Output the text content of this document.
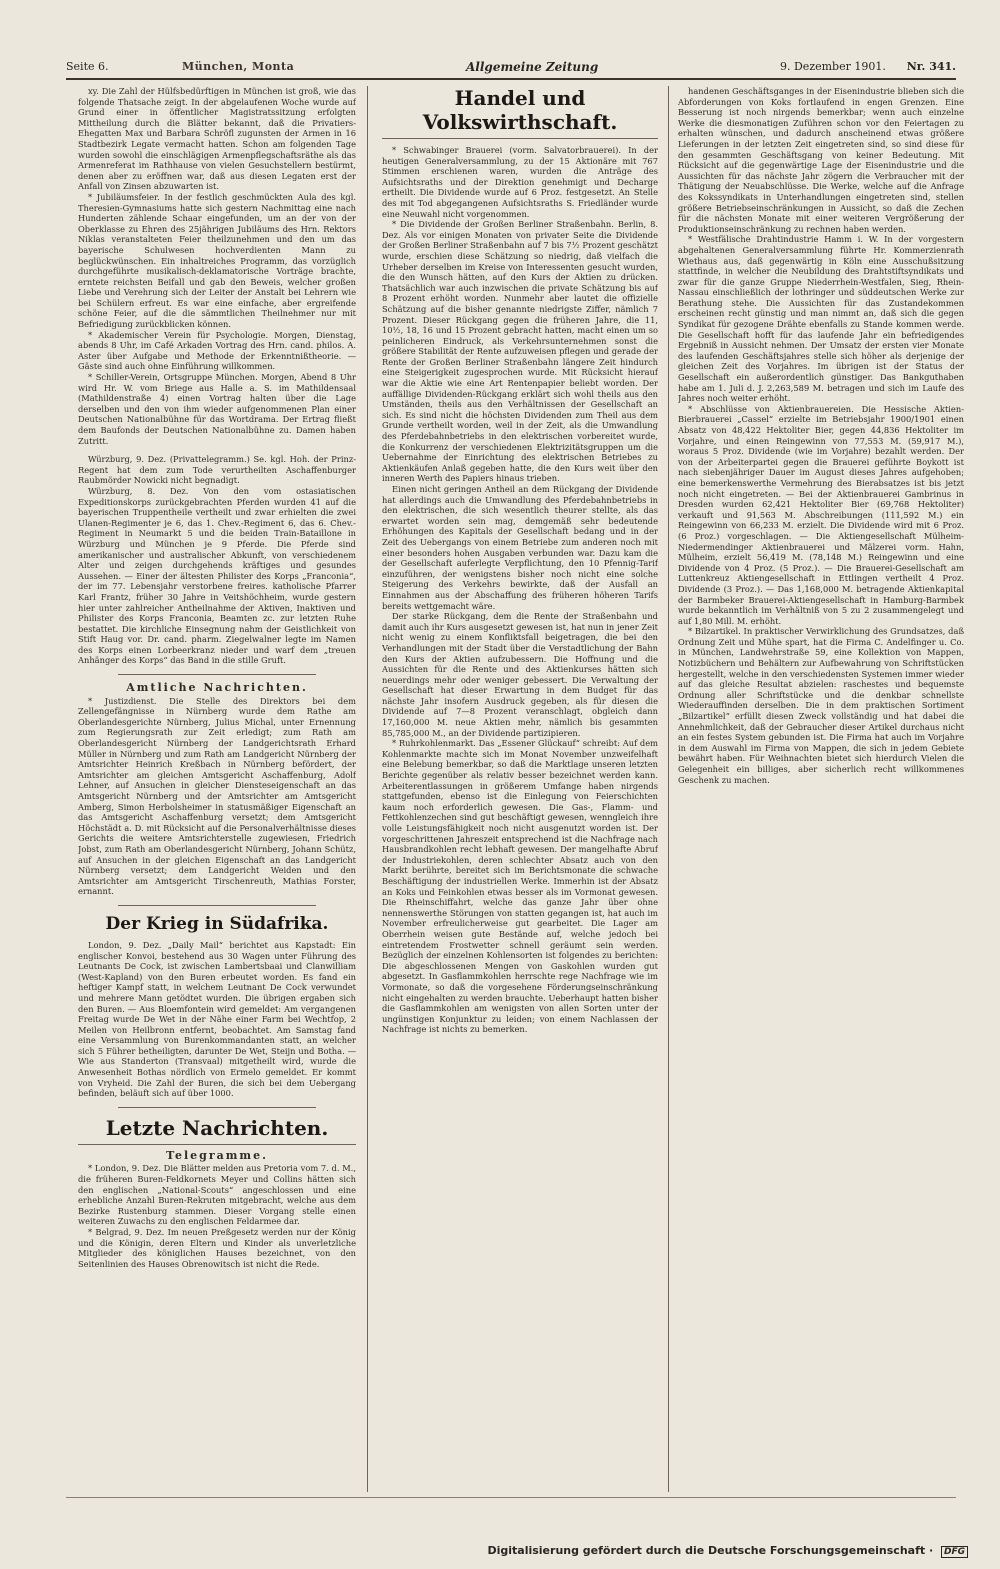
Seite 6.	München, Monta	Allgemeine Zeitung	9. Dezember 1901. Nr. 341.

xy. Die Zahl der Hülfsbedürftigen in München ist groß, wie das folgende Thatsache zeigt. In der abgelaufenen Woche wurde auf Grund einer in öffentlicher Magistratssitzung erfolgten Mittheilung durch die Blätter bekannt, daß die Privatiers-Ehegatten Max und Barbara Schröfl zugunsten der Armen in 16 Stadtbezirk Legate vermacht hatten. Schon am folgenden Tage wurden sowohl die einschlägigen Armenpflegschaftsräthe als das Armenreferat im Rathhause von vielen Gesuchstellern bestürmt, denen aber zu eröffnen war, daß aus diesen Legaten erst der Anfall von Zinsen abzuwarten ist.

* Jubiläumsfeier. In der festlich geschmückten Aula des kgl. Theresien-Gymnasiums hatte sich gestern Nachmittag eine nach Hunderten zählende Schaar eingefunden, um an der von der Oberklasse zu Ehren des 25jährigen Jubiläums des Hrn. Rektors Niklas veranstalteten Feier theilzunehmen und den um das bayerische Schulwesen hochverdienten Mann zu beglückwünschen. Ein inhaltreiches Programm, das vorzüglich durchgeführte musikalisch-deklamatorische Vorträge brachte, erntete reichsten Beifall und gab den Beweis, welcher großen Liebe und Verehrung sich der Leiter der Anstalt bei Lehrern wie bei Schülern erfreut. Es war eine einfache, aber ergreifende schöne Feier, auf die die sämmtlichen Theilnehmer nur mit Befriedigung zurückblicken können.

* Akademischer Verein für Psychologie. Morgen, Dienstag, abends 8 Uhr, im Café Arkaden Vortrag des Hrn. cand. philos. A. Aster über Aufgabe und Methode der Erkenntnißtheorie. — Gäste sind auch ohne Einführung willkommen.

* Schiller-Verein, Ortsgruppe München. Morgen, Abend 8 Uhr wird Hr. W. vom Briege aus Halle a. S. im Mathildensaal (Mathildenstraße 4) einen Vortrag halten über die Lage derselben und den von ihm wieder aufgenommenen Plan einer Deutschen Nationalbühne für das Wortdrama. Der Ertrag fließt dem Baufonds der Deutschen Nationalbühne zu. Damen haben Zutritt.

Würzburg, 9. Dez. (Privattelegramm.) Se. kgl. Hoh. der Prinz-Regent hat dem zum Tode verurtheilten Aschaffenburger Raubmörder Nowicki nicht begnadigt.

Würzburg, 8. Dez. Von den vom ostasiatischen Expeditionskorps zurückgebrachten Pferden wurden 41 auf die bayerischen Truppentheile vertheilt und zwar erhielten die zwei Ulanen-Regimenter je 6, das 1. Chev.-Regiment 6, das 6. Chev.-Regiment in Neumarkt 5 und die beiden Train-Bataillone in Würzburg und München je 9 Pferde. Die Pferde sind amerikanischer und australischer Abkunft, von verschiedenem Alter und zeigen durchgehends kräftiges und gesundes Aussehen. — Einer der ältesten Philister des Korps „Franconia“, der im 77. Lebensjahr verstorbene freires. katholische Pfarrer Karl Frantz, früher 30 Jahre in Veitshöchheim, wurde gestern hier unter zahlreicher Antheilnahme der Aktiven, Inaktiven und Philister des Korps Franconia, Beamten zc. zur letzten Ruhe bestattet. Die kirchliche Einsegnung nahm der Geistlichkeit von Stift Haug vor. Dr. cand. pharm. Ziegelwalner legte im Namen des Korps einen Lorbeerkranz nieder und warf dem „treuen Anhänger des Korps“ das Band in die stille Gruft.

Amtliche Nachrichten.

* Justizdienst. Die Stelle des Direktors bei dem Zellengefängnisse in Nürnberg wurde dem Rathe am Oberlandesgerichte Nürnberg, Julius Michal, unter Ernennung zum Regierungsrath zur Zeit erledigt; zum Rath am Oberlandesgericht Nürnberg der Landgerichtsrath Erhard Müller in Nürnberg und zum Rath am Landgericht Nürnberg der Amtsrichter Heinrich Kreßbach in Nürnberg befördert, der Amtsrichter am gleichen Amtsgericht Aschaffenburg, Adolf Lehner, auf Ansuchen in gleicher Diensteseigenschaft an das Amtsgericht Nürnberg und der Amtsrichter am Amtsgericht Amberg, Simon Herbolsheimer in statusmäßiger Eigenschaft an das Amtsgericht Aschaffenburg versetzt; dem Amtsgericht Höchstädt a. D. mit Rücksicht auf die Personalverhältnisse dieses Gerichts die weitere Amtsrichterstelle zugewiesen, Friedrich Jobst, zum Rath am Oberlandesgericht Nürnberg, Johann Schütz, auf Ansuchen in der gleichen Eigenschaft an das Landgericht Nürnberg versetzt; dem Landgericht Weiden und den Amtsrichter am Amtsgericht Tirschenreuth, Mathias Forster, ernannt.

Der Krieg in Südafrika.

London, 9. Dez. „Daily Mail“ berichtet aus Kapstadt: Ein englischer Konvoi, bestehend aus 30 Wagen unter Führung des Leutnants De Cock, ist zwischen Lambertsbaai und Clanwilliam (West-Kapland) von den Buren erbeutet worden. Es fand ein heftiger Kampf statt, in welchem Leutnant De Cock verwundet und mehrere Mann getödtet wurden. Die übrigen ergaben sich den Buren. — Aus Bloemfontein wird gemeldet: Am vergangenen Freitag wurde De Wet in der Nähe einer Farm bei Wechtfop, 2 Meilen von Heilbronn entfernt, beobachtet. Am Samstag fand eine Versammlung von Burenkommandanten statt, an welcher sich 5 Führer betheiligten, darunter De Wet, Steijn und Botha. — Wie aus Standerton (Transvaal) mitgetheilt wird, wurde die Anwesenheit Bothas nördlich von Ermelo gemeldet. Er kommt von Vryheid. Die Zahl der Buren, die sich bei dem Uebergang befinden, beläuft sich auf über 1000.

Letzte Nachrichten.
Telegramme.

* London, 9. Dez. Die Blätter melden aus Pretoria vom 7. d. M., die früheren Buren-Feldkornets Meyer und Collins hätten sich den englischen „National-Scouts“ angeschlossen und eine erhebliche Anzahl Buren-Rekruten mitgebracht, welche aus dem Bezirke Rustenburg stammen. Dieser Vorgang stelle einen weiteren Zuwachs zu den englischen Feldarmee dar.

* Belgrad, 9. Dez. Im neuen Preßgesetz werden nur der König und die Königin, deren Eltern und Kinder als unverletzliche Mitglieder des königlichen Hauses bezeichnet, von den Seitenlinien des Hauses Obrenowitsch ist nicht die Rede.

Handel und Volkswirthschaft.

* Schwabinger Brauerei (vorm. Salvatorbrauerei). In der heutigen Generalversammlung, zu der 15 Aktionäre mit 767 Stimmen erschienen waren, wurden die Anträge des Aufsichtsraths und der Direktion genehmigt und Decharge ertheilt. Die Dividende wurde auf 6 Proz. festgesetzt. An Stelle des mit Tod abgegangenen Aufsichtsraths S. Friedländer wurde eine Neuwahl nicht vorgenommen.

* Die Dividende der Großen Berliner Straßenbahn. Berlin, 8. Dez. Als vor einigen Monaten von privater Seite die Dividende der Großen Berliner Straßenbahn auf 7 bis 7½ Prozent geschätzt wurde, erschien diese Schätzung so niedrig, daß vielfach die Urheber derselben im Kreise von Interessenten gesucht wurden, die den Wunsch hätten, auf den Kurs der Aktien zu drücken. Thatsächlich war auch inzwischen die private Schätzung bis auf 8 Prozent erhöht worden. Nunmehr aber lautet die offizielle Schätzung auf die bisher genannte niedrigste Ziffer, nämlich 7 Prozent. Dieser Rückgang gegen die früheren Jahre, die 11, 10½, 18, 16 und 15 Prozent gebracht hatten, macht einen um so peinlicheren Eindruck, als Verkehrsunternehmen sonst die größere Stabilität der Rente aufzuweisen pflegen und gerade der Rente der Großen Berliner Straßenbahn längere Zeit hindurch eine Steigerigkeit zugesprochen wurde. Mit Rücksicht hierauf war die Aktie wie eine Art Rentenpapier beliebt worden. Der auffällige Dividenden-Rückgang erklärt sich wohl theils aus den Umständen, theils aus den Verhältnissen der Gesellschaft an sich. Es sind nicht die höchsten Dividenden zum Theil aus dem Grunde vertheilt worden, weil in der Zeit, als die Umwandlung des Pferdebahnbetriebs in den elektrischen vorbereitet wurde, die Konkurrenz der verschiedenen Elektrizitätsgruppen um die Uebernahme der Einrichtung des elektrischen Betriebes zu Aktienkäufen Anlaß gegeben hatte, die den Kurs weit über den inneren Werth des Papiers hinaus trieben.

Einen nicht geringen Antheil an dem Rückgang der Dividende hat allerdings auch die Umwandlung des Pferdebahnbetriebs in den elektrischen, die sich wesentlich theurer stellte, als das erwartet worden sein mag, demgemäß sehr bedeutende Erhöhungen des Kapitals der Gesellschaft bedang und in der Zeit des Uebergangs von einem Betriebe zum anderen noch mit einer besonders hohen Ausgaben verbunden war. Dazu kam die der Gesellschaft auferlegte Verpflichtung, den 10 Pfennig-Tarif einzuführen, der wenigstens bisher noch nicht eine solche Steigerung des Verkehrs bewirkte, daß der Ausfall an Einnahmen aus der Abschaffung des früheren höheren Tarifs bereits wettgemacht wäre.

Der starke Rückgang, dem die Rente der Straßenbahn und damit auch ihr Kurs ausgesetzt gewesen ist, hat nun in jener Zeit nicht wenig zu einem Konfliktsfall beigetragen, die bei den Verhandlungen mit der Stadt über die Verstadtlichung der Bahn den Kurs der Aktien aufzubessern. Die Hoffnung und die Aussichten für die Rente und des Aktienkurses hätten sich neuerdings mehr oder weniger gebessert. Die Verwaltung der Gesellschaft hat dieser Erwartung in dem Budget für das nächste Jahr insofern Ausdruck gegeben, als für diesen die Dividende auf 7—8 Prozent veranschlagt, obgleich dann 17,160,000 M. neue Aktien mehr, nämlich bis gesammten 85,785,000 M., an der Dividende partizipieren.

* Ruhrkohlenmarkt. Das „Essener Glückauf“ schreibt: Auf dem Kohlenmarkte machte sich im Monat November unzweifelhaft eine Belebung bemerkbar, so daß die Marktlage unseren letzten Berichte gegenüber als relativ besser bezeichnet werden kann. Arbeiterentlassungen in größerem Umfange haben nirgends stattgefunden, ebenso ist die Einlegung von Feierschichten kaum noch erforderlich gewesen. Die Gas-, Flamm- und Fettkohlenzechen sind gut beschäftigt gewesen, wenngleich ihre volle Leistungsfähigkeit noch nicht ausgenutzt worden ist. Der vorgeschrittenen Jahreszeit entsprechend ist die Nachfrage nach Hausbrandkohlen recht lebhaft gewesen. Der mangelhafte Abruf der Industriekohlen, deren schlechter Absatz auch von den Markt berührte, bereitet sich im Berichtsmonate die schwache Beschäftigung der industriellen Werke. Immerhin ist der Absatz an Koks und Feinkohlen etwas besser als im Vormonat gewesen. Die Rheinschiffahrt, welche das ganze Jahr über ohne nennenswerthe Störungen von statten gegangen ist, hat auch im November erfreulicherweise gut gearbeitet. Die Lager am Oberrhein weisen gute Bestände auf, welche jedoch bei eintretendem Frostwetter schnell geräumt sein werden. Bezüglich der einzelnen Kohlensorten ist folgendes zu berichten: Die abgeschlossenen Mengen von Gaskohlen wurden gut abgesetzt. In Gasflammkohlen herrschte rege Nachfrage wie im Vormonate, so daß die vorgesehene Förderungseinschränkung nicht eingehalten zu werden brauchte. Ueberhaupt hatten bisher die Gasflammkohlen am wenigsten von allen Sorten unter der ungünstigen Konjunktur zu leiden; von einem Nachlassen der Nachfrage ist nichts zu bemerken.

handenen Geschäftsganges in der Eisenindustrie blieben sich die Abforderungen von Koks fortlaufend in engen Grenzen. Eine Besserung ist noch nirgends bemerkbar; wenn auch einzelne Werke die diesmonatigen Zuführen schon vor den Feiertagen zu erhalten wünschen, und dadurch anscheinend etwas größere Lieferungen in der letzten Zeit eingetreten sind, so sind diese für den gesammten Geschäftsgang von keiner Bedeutung. Mit Rücksicht auf die gegenwärtige Lage der Eisenindustrie und die Aussichten für das nächste Jahr zögern die Verbraucher mit der Thätigung der Neuabschlüsse. Die Werke, welche auf die Anfrage des Kokssyndikats in Unterhandlungen eingetreten sind, stellen größere Betriebseinschränkungen in Aussicht, so daß die Zechen für die nächsten Monate mit einer weiteren Vergrößerung der Produktionseinschränkung zu rechnen haben werden.

* Westfälische Drahtindustrie Hamm i. W. In der vorgestern abgehaltenen Generalversammlung führte Hr. Kommerzienrath Wiethaus aus, daß gegenwärtig in Köln eine Ausschußsitzung stattfinde, in welcher die Neubildung des Drahtstiftsyndikats und zwar für die ganze Gruppe Niederrhein-Westfalen, Sieg, Rhein-Nassau einschließlich der lothringer und süddeutschen Werke zur Berathung stehe. Die Aussichten für das Zustandekommen erscheinen recht günstig und man nimmt an, daß sich die gegen Syndikat für gezogene Drähte ebenfalls zu Stande kommen werde. Die Gesellschaft hofft für das laufende Jahr ein befriedigendes Ergebniß in Aussicht nehmen. Der Umsatz der ersten vier Monate des laufenden Geschäftsjahres stelle sich höher als derjenige der gleichen Zeit des Vorjahres. Im übrigen ist der Status der Gesellschaft ein außerordentlich günstiger. Das Bankguthaben habe am 1. Juli d. J. 2,263,589 M. betragen und sich im Laufe des Jahres noch weiter erhöht.

* Abschlüsse von Aktienbrauereien. Die Hessische Aktien-Bierbrauerei „Cassel“ erzielte im Betriebsjahr 1900/1901 einen Absatz von 48,422 Hektoliter Bier, gegen 44,836 Hektoliter im Vorjahre, und einen Reingewinn von 77,553 M. (59,917 M.), woraus 5 Proz. Dividende (wie im Vorjahre) bezahlt werden. Der von der Arbeiterpartei gegen die Brauerei geführte Boykott ist nach siebenjähriger Dauer im August dieses Jahres aufgehoben; eine bemerkenswerthe Vermehrung des Bierabsatzes ist bis jetzt noch nicht eingetreten. — Bei der Aktienbrauerei Gambrinus in Dresden wurden 62,421 Hektoliter Bier (69,768 Hektoliter) verkauft und 91,563 M. Abschreibungen (111,592 M.) ein Reingewinn von 66,233 M. erzielt. Die Dividende wird mit 6 Proz. (6 Proz.) vorgeschlagen. — Die Aktiengesellschaft Mülheim-Niedermendinger Aktienbrauerei und Mälzerei vorm. Hahn, Mülheim, erzielt 56,419 M. (78,148 M.) Reingewinn und eine Dividende von 4 Proz. (5 Proz.). — Die Brauerei-Gesellschaft am Luttenkreuz Aktiengesellschaft in Ettlingen vertheilt 4 Proz. Dividende (3 Proz.). — Das 1,168,000 M. betragende Aktienkapital der Barmbeker Brauerei-Aktiengesellschaft in Hamburg-Barmbek wurde bekanntlich im Verhältniß von 5 zu 2 zusammengelegt und auf 1,80 Mill. M. erhöht.

* Bilzartikel. In praktischer Verwirklichung des Grundsatzes, daß Ordnung Zeit und Mühe spart, hat die Firma C. Andelfinger u. Co. in München, Landwehrstraße 59, eine Kollektion von Mappen, Notizbüchern und Behältern zur Aufbewahrung von Schriftstücken hergestellt, welche in den verschiedensten Systemen immer wieder auf das gleiche Resultat abzielen: raschestes und bequemste Ordnung aller Schriftstücke und die denkbar schnellste Wiederauffinden derselben. Die in dem praktischen Sortiment „Bilzartikel“ erfüllt diesen Zweck vollständig und hat dabei die Annehmlichkeit, daß der Gebraucher dieser Artikel durchaus nicht an ein festes System gebunden ist. Die Firma hat auch im Vorjahre in dem Auswahl im Firma von Mappen, die sich in jedem Gebiete bewährt haben. Für Weihnachten bietet sich hierdurch Vielen die Gelegenheit ein billiges, aber sicherlich recht willkommenes Geschenk zu machen.

Digitalisierung gefördert durch die Deutsche Forschungsgemeinschaft · DFG
